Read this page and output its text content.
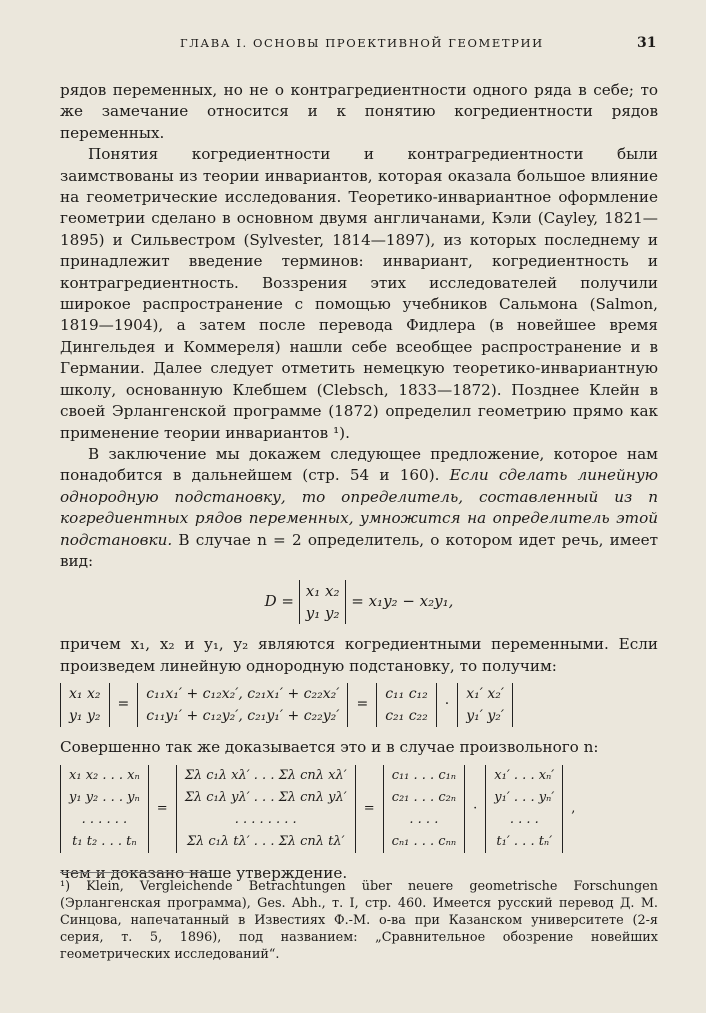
ГЛАВА I. ОСНОВЫ ПРОЕКТИВНОЙ ГЕОМЕТРИИ	31

рядов переменных, но не о контрагредиентности одного ряда в себе; то же замечание относится и к понятию когредиентности рядов переменных.

Понятия когредиентности и контрагредиентности были заимствованы из теории инвариантов, которая оказала большое влияние на геометрические исследования. Теоретико-инвариантное оформление геометрии сделано в основном двумя англичанами, Кэли (Cayley, 1821—1895) и Сильвестром (Sylvester, 1814—1897), из которых последнему и принадлежит введение терминов: инвариант, когредиентность и контрагредиентность. Воззрения этих исследователей получили широкое распространение с помощью учебников Сальмона (Salmon, 1819—1904), а затем после перевода Фидлера (в новейшее время Дингельдея и Коммереля) нашли себе всеобщее распространение и в Германии. Далее следует отметить немецкую теоретико-инвариантную школу, основанную Клебшем (Clebsch, 1833—1872). Позднее Клейн в своей Эрлангенской программе (1872) определил геометрию прямо как применение теории инвариантов ¹).

В заключение мы докажем следующее предложение, которое нам понадобится в дальнейшем (стр. 54 и 160). Если сделать линейную однородную подстановку, то определитель, составленный из n когредиентных рядов переменных, умножится на определитель этой подстановки. В случае n = 2 определитель, о котором идет речь, имеет вид:

D =
x₁ x₂
y₁ y₂
= x₁y₂ − x₂y₁,

причем x₁, x₂ и y₁, y₂ являются когредиентными переменными. Если произведем линейную однородную подстановку, то получим:

x₁ x₂
y₁ y₂
=
c₁₁x₁′ + c₁₂x₂′, c₂₁x₁′ + c₂₂x₂′
c₁₁y₁′ + c₁₂y₂′, c₂₁y₁′ + c₂₂y₂′
=
c₁₁ c₁₂
c₂₁ c₂₂
·
x₁′ x₂′
y₁′ y₂′

Совершенно так же доказывается это и в случае произвольного n:

x₁ x₂ . . . xₙ
y₁ y₂ . . . yₙ
. . . . . .
t₁ t₂ . . . tₙ
=
Σλ c₁λ xλ′ . . . Σλ cnλ xλ′
Σλ c₁λ yλ′ . . . Σλ cnλ yλ′
. . . . . . . .
Σλ c₁λ tλ′ . . . Σλ cnλ tλ′
=
c₁₁ . . . c₁ₙ
c₂₁ . . . c₂ₙ
. . . .
cₙ₁ . . . cₙₙ
·
x₁′ . . . xₙ′
y₁′ . . . yₙ′
. . . .
t₁′ . . . tₙ′
,

чем и доказано наше утверждение.

¹) Klein, Vergleichende Betrachtungen über neuere geometrische Forschungen (Эрлангенская программа), Ges. Abh., т. I, стр. 460. Имеется русский перевод Д. М. Синцова, напечатанный в Известиях Ф.-М. о-ва при Казанском университете (2-я серия, т. 5, 1896), под названием: „Сравнительное обозрение новейших геометрических исследований“.
